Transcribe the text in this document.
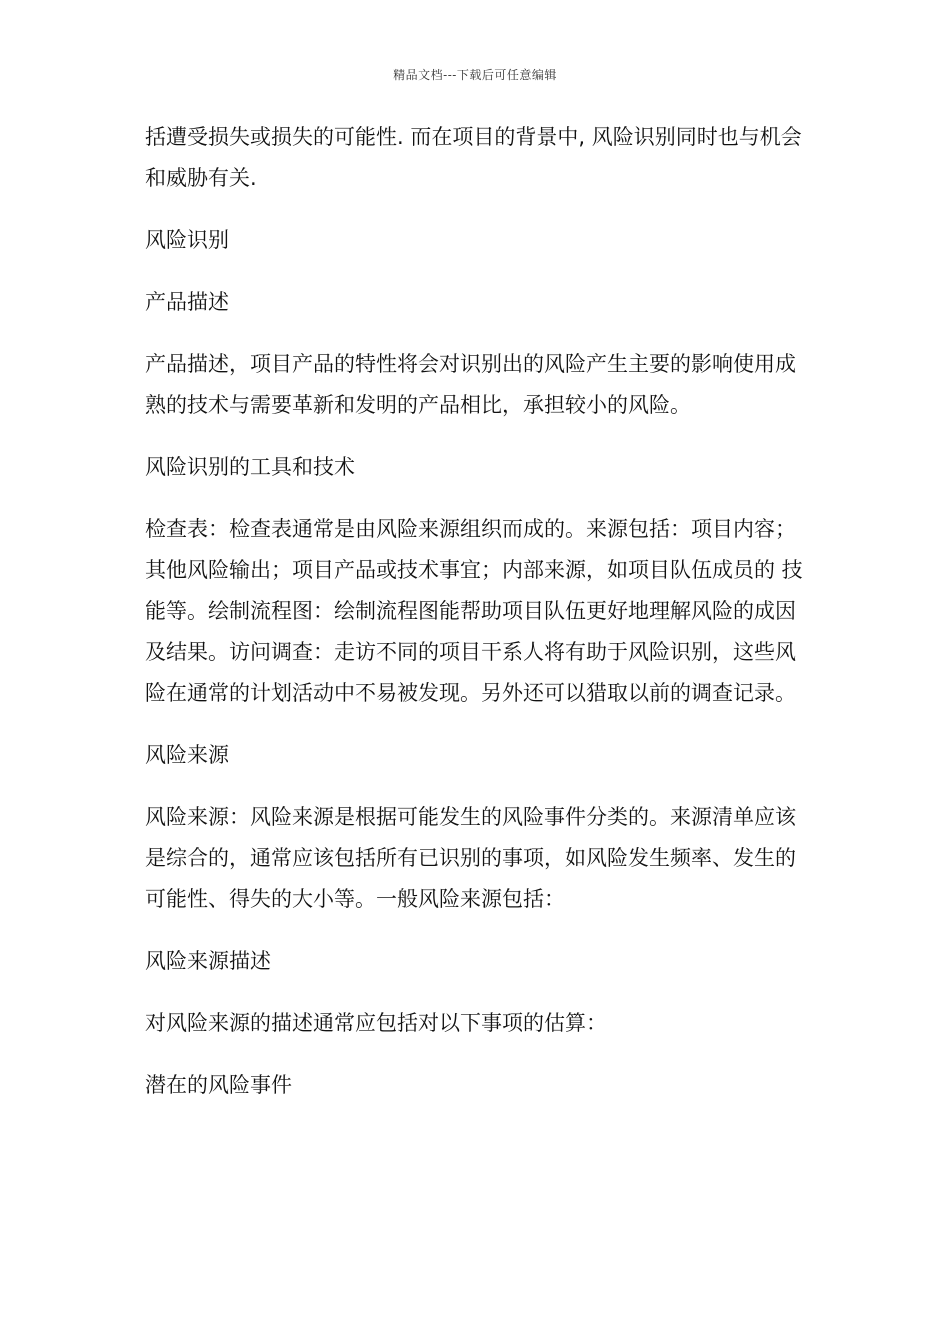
精品文档---下载后可任意编辑

括遭受损失或损失的可能性. 而在项目的背景中, 风险识别同时也与机会和威胁有关.

风险识别

产品描述

产品描述，项目产品的特性将会对识别出的风险产生主要的影响使用成熟的技术与需要革新和发明的产品相比，承担较小的风险。

风险识别的工具和技术

检查表：检查表通常是由风险来源组织而成的。来源包括：项目内容；其他风险输出；项目产品或技术事宜；内部来源，如项目队伍成员的 技能等。绘制流程图：绘制流程图能帮助项目队伍更好地理解风险的成因及结果。访问调查：走访不同的项目干系人将有助于风险识别，这些风险在通常的计划活动中不易被发现。另外还可以猎取以前的调查记录。

风险来源

风险来源：风险来源是根据可能发生的风险事件分类的。来源清单应该是综合的，通常应该包括所有已识别的事项，如风险发生频率、发生的可能性、得失的大小等。一般风险来源包括：

风险来源描述

对风险来源的描述通常应包括对以下事项的估算：

潜在的风险事件
